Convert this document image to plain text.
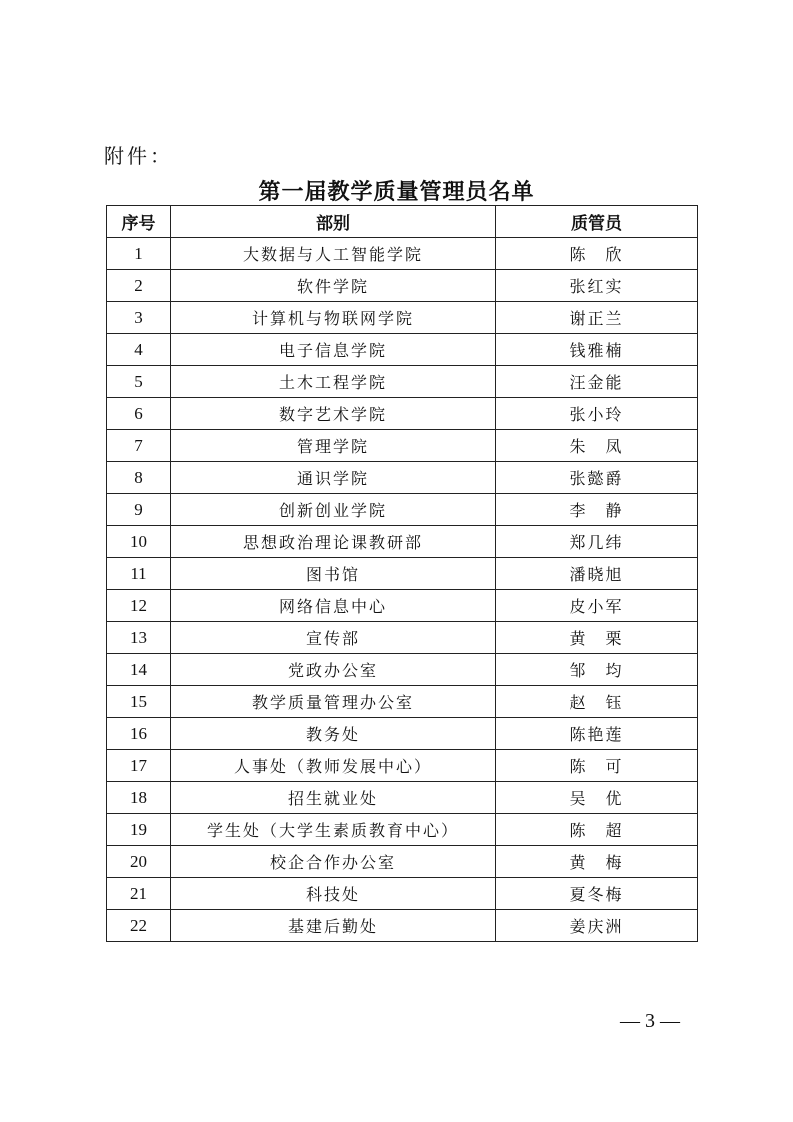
附件：
第一届教学质量管理员名单
序号	部别	质管员
1	大数据与人工智能学院	陈　欣
2	软件学院	张红实
3	计算机与物联网学院	谢正兰
4	电子信息学院	钱雅楠
5	土木工程学院	汪金能
6	数字艺术学院	张小玲
7	管理学院	朱　凤
8	通识学院	张懿爵
9	创新创业学院	李　静
10	思想政治理论课教研部	郑几纬
11	图书馆	潘晓旭
12	网络信息中心	皮小军
13	宣传部	黄　栗
14	党政办公室	邹　均
15	教学质量管理办公室	赵　钰
16	教务处	陈艳莲
17	人事处（教师发展中心）	陈　可
18	招生就业处	吴　优
19	学生处（大学生素质教育中心）	陈　超
20	校企合作办公室	黄　梅
21	科技处	夏冬梅
22	基建后勤处	姜庆洲
— 3 —
